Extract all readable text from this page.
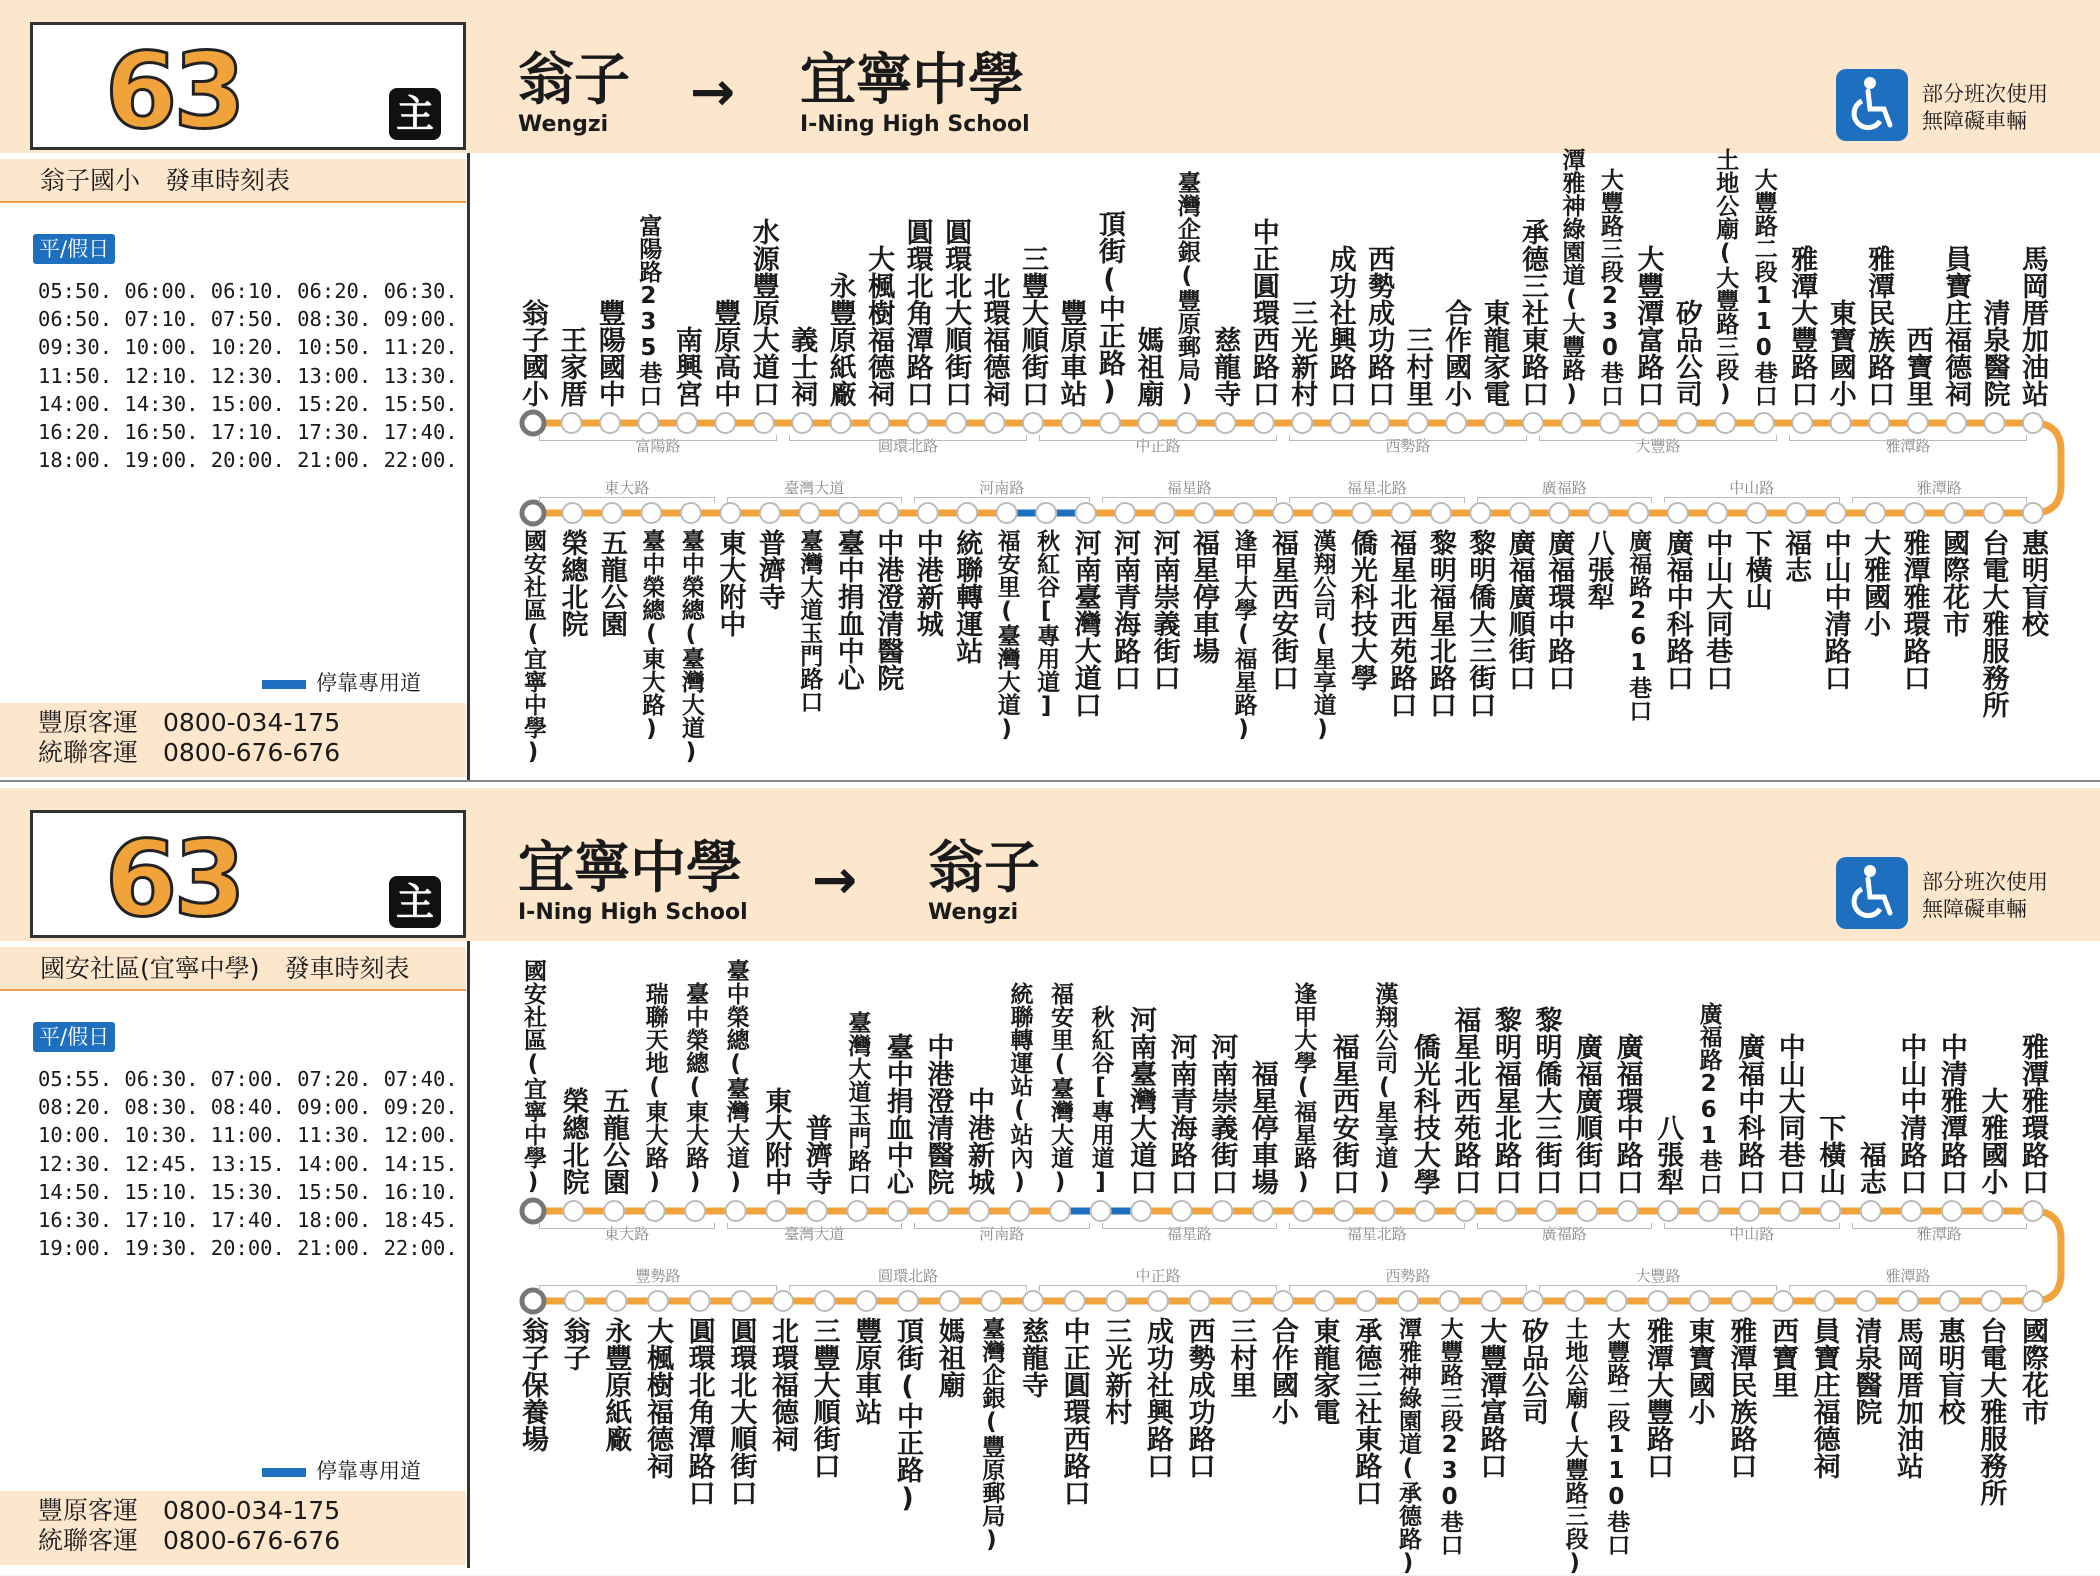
63	主
翁子
Wengzi
→ 宜寧中學
I-Ning High School
部分班次使用
無障礙車輛
翁子國小　發車時刻表
平/假日
05:50. 06:00. 06:10. 06:20. 06:30.
06:50. 07:10. 07:50. 08:30. 09:00.
09:30. 10:00. 10:20. 10:50. 11:20.
11:50. 12:10. 12:30. 13:00. 13:30.
14:00. 14:30. 15:00. 15:20. 15:50.
16:20. 16:50. 17:10. 17:30. 17:40.
18:00. 19:00. 20:00. 21:00. 22:00.
停靠專用道
豐原客運　0800-034-175
統聯客運　0800-676-676
翁子國小 王家厝 豐陽國中 富陽路235巷口 南興宮 豐原高中 水源豐原大道口 義士祠 永豐原紙廠 大楓樹福德祠 圓環北角潭路口 圓環北大順街口 北環福德祠 三豐大順街口 豐原車站 頂街(中正路) 媽祖廟 臺灣企銀(豐原郵局) 慈龍寺 中正圓環西路口 三光新村 成功社興路口 西勢成功路口 三村里 合作國小 東龍家電 承德三社東路口 潭雅神綠園道(大豐路) 大豐路三段230巷口 大豐潭富路口 矽品公司 土地公廟(大豐路三段) 大豐路二段110巷口 雅潭大豐路口 東寶國小 雅潭民族路口 西寶里 員寶庄福德祠 清泉醫院 馬岡厝加油站
國安社區(宜寧中學) 榮總北院 五龍公園 臺中榮總(東大路) 臺中榮總(臺灣大道) 東大附中 普濟寺 臺灣大道玉門路口 臺中捐血中心 中港澄清醫院 中港新城 統聯轉運站 福安里(臺灣大道) 秋紅谷[專用道] 河南臺灣大道口 河南青海路口 河南崇義街口 福星停車場 逢甲大學(福星路) 福星西安街口 漢翔公司(星享道) 僑光科技大學 福星北西苑路口 黎明福星北路口 黎明僑大三街口 廣福廣順街口 廣福環中路口 八張犁 廣福路261巷口 廣福中科路口 中山大同巷口 下橫山 福志 中山中清路口 大雅國小 雅潭雅環路口 國際花市 台電大雅服務所 惠明盲校
富陽路	圓環北路	中正路	西勢路	大豐路	雅潭路
東大路	臺灣大道	河南路	福星路	福星北路	廣福路	中山路	雅潭路
63	主
宜寧中學
I-Ning High School
→ 翁子
Wengzi
部分班次使用
無障礙車輛
國安社區(宜寧中學)　發車時刻表
平/假日
05:55. 06:30. 07:00. 07:20. 07:40.
08:20. 08:30. 08:40. 09:00. 09:20.
10:00. 10:30. 11:00. 11:30. 12:00.
12:30. 12:45. 13:15. 14:00. 14:15.
14:50. 15:10. 15:30. 15:50. 16:10.
16:30. 17:10. 17:40. 18:00. 18:45.
19:00. 19:30. 20:00. 21:00. 22:00.
停靠專用道
豐原客運　0800-034-175
統聯客運　0800-676-676
國安社區(宜寧中學) 榮總北院 五龍公園 瑞聯天地(東大路) 臺中榮總(東大路) 臺中榮總(臺灣大道) 東大附中 普濟寺 臺灣大道玉門路口 臺中捐血中心 中港澄清醫院 中港新城 統聯轉運站(站內) 福安里(臺灣大道) 秋紅谷[專用道] 河南臺灣大道口 河南青海路口 河南崇義街口 福星停車場 逢甲大學(福星路) 福星西安街口 漢翔公司(星享道) 僑光科技大學 福星北西苑路口 黎明福星北路口 黎明僑大三街口 廣福廣順街口 廣福環中路口 八張犁 廣福路261巷口 廣福中科路口 中山大同巷口 下橫山 福志 中山中清路口 中清雅潭路口 大雅國小 雅潭雅環路口
翁子保養場 翁子 永豐原紙廠 大楓樹福德祠 圓環北角潭路口 圓環北大順街口 北環福德祠 三豐大順街口 豐原車站 頂街(中正路) 媽祖廟 臺灣企銀(豐原郵局) 慈龍寺 中正圓環西路口 三光新村 成功社興路口 西勢成功路口 三村里 合作國小 東龍家電 承德三社東路口 潭雅神綠園道(承德路) 大豐路三段230巷口 大豐潭富路口 矽品公司 土地公廟(大豐路三段) 大豐路二段110巷口 雅潭大豐路口 東寶國小 雅潭民族路口 西寶里 員寶庄福德祠 清泉醫院 馬岡厝加油站 惠明盲校 台電大雅服務所 國際花市
東大路	臺灣大道	河南路	福星路	福星北路	廣福路	中山路	雅潭路
豐勢路	圓環北路	中正路	西勢路	大豐路	雅潭路
